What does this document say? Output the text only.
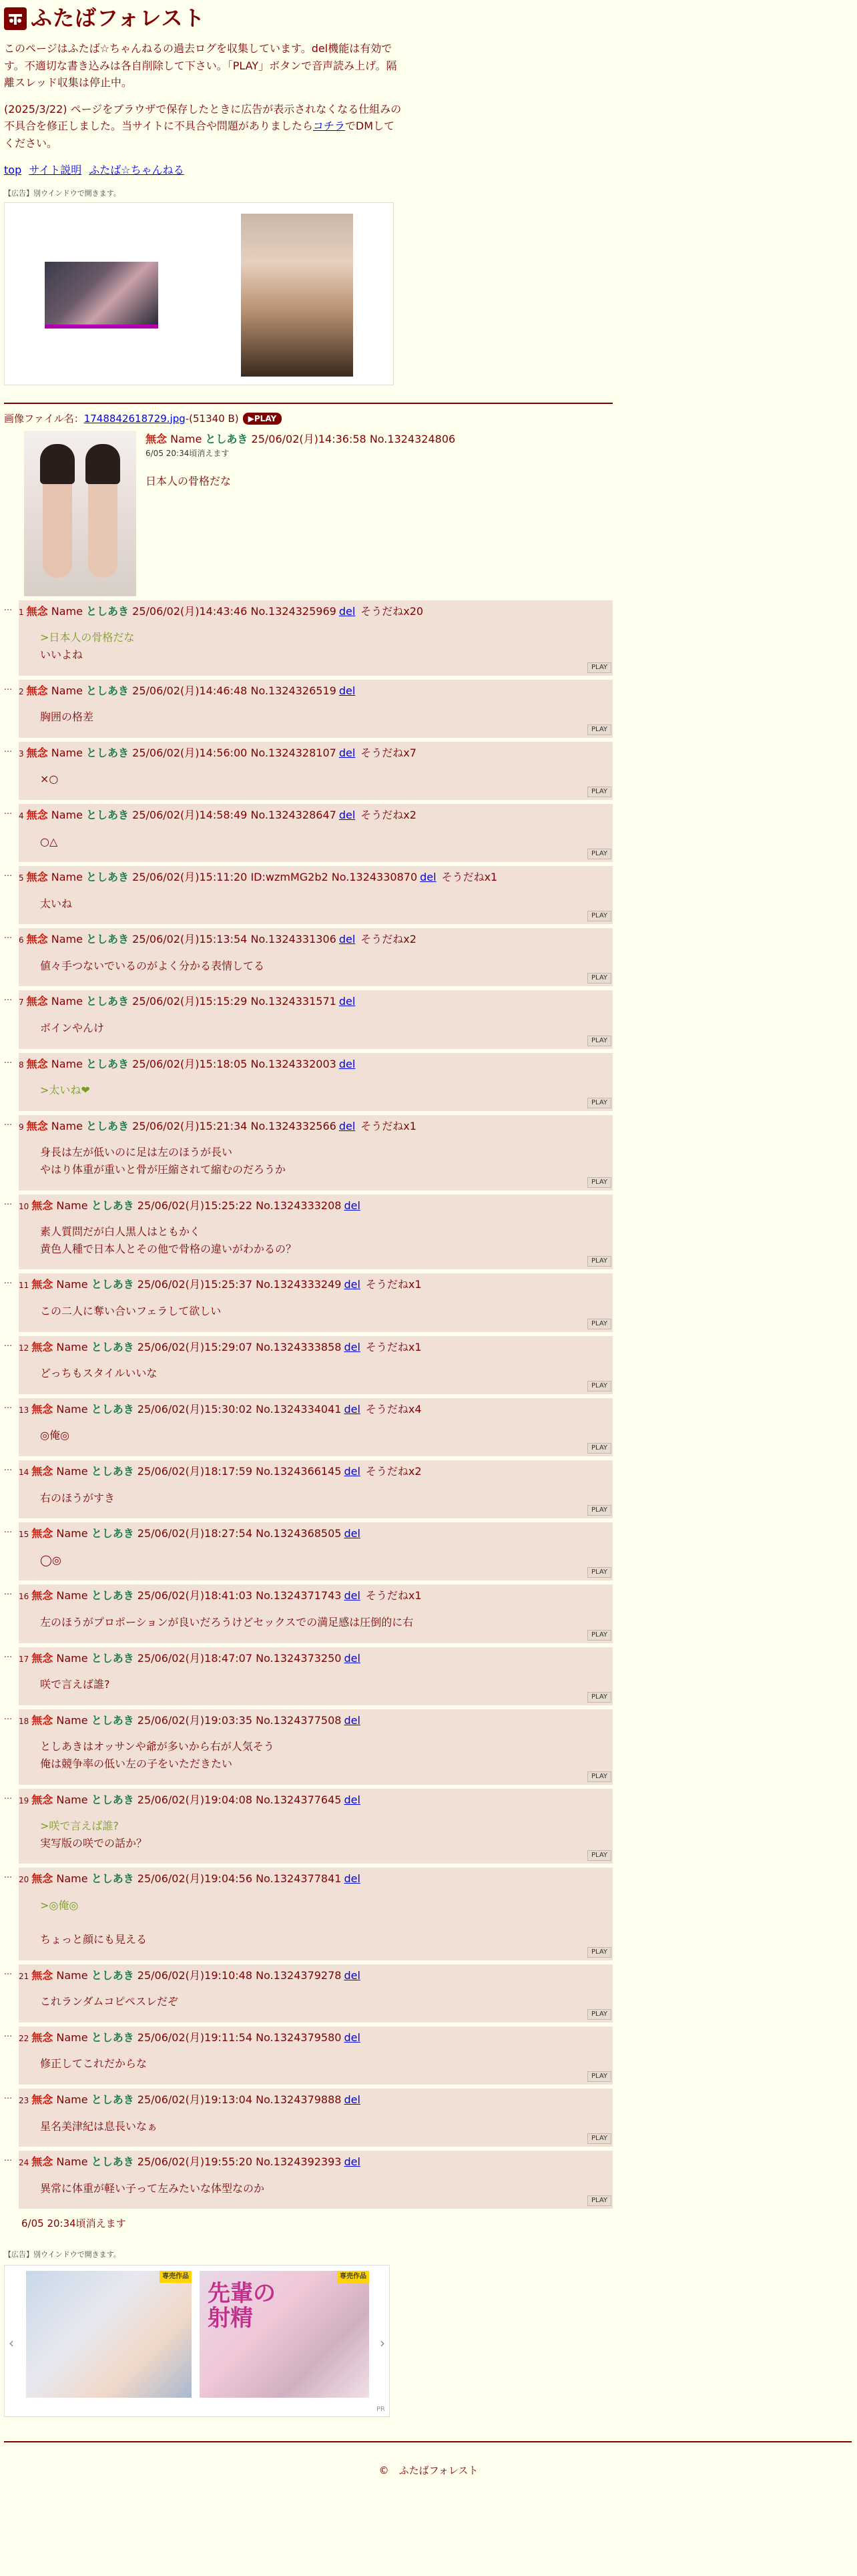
ふたばフォレスト

このページはふたば☆ちゃんねるの過去ログを収集しています。del機能は有効です。不適切な書き込みは各自削除して下さい。「PLAY」ボタンで音声読み上げ。隔離スレッド収集は停止中。

(2025/3/22) ページをブラウザで保存したときに広告が表示されなくなる仕組みの不具合を修正しました。当サイトに不具合や問題がありましたらコチラでDMしてください。

top サイト説明 ふたば☆ちゃんねる
【広告】別ウインドウで開きます。
画像ファイル名： 1748842618729.jpg -(51340 B)	▶PLAY
無念 Name としあき 25/06/02(月)14:36:58 No.1324324806
6/05 20:34頃消えます
日本人の骨格だな
… 1 無念
Name
としあき
25/06/02(月)14:43:46
No.1324325969 del そうだねx20
>日本人の骨格だな
いいよね
PLAY
… 2 無念
Name
としあき
25/06/02(月)14:46:48
No.1324326519 del
胸囲の格差
PLAY
… 3 無念
Name
としあき
25/06/02(月)14:56:00
No.1324328107 del そうだねx7
×○
PLAY
… 4 無念
Name
としあき
25/06/02(月)14:58:49
No.1324328647 del そうだねx2
○△
PLAY
… 5 無念
Name
としあき
25/06/02(月)15:11:20 ID:wzmMG2b2
No.1324330870 del そうだねx1
太いね
PLAY
… 6 無念
Name
としあき
25/06/02(月)15:13:54
No.1324331306 del そうだねx2
値々手つないでいるのがよく分かる表情してる
PLAY
… 7 無念
Name
としあき
25/06/02(月)15:15:29
No.1324331571 del
ボインやんけ
PLAY
… 8 無念
Name
としあき
25/06/02(月)15:18:05
No.1324332003 del
>太いね❤
PLAY
… 9 無念
Name
としあき
25/06/02(月)15:21:34
No.1324332566 del そうだねx1
身長は左が低いのに足は左のほうが長い
やはり体重が重いと骨が圧縮されて縮むのだろうか
PLAY
… 10 無念
Name
としあき
25/06/02(月)15:25:22
No.1324333208 del
素人質問だが白人黒人はともかく
黄色人種で日本人とその他で骨格の違いがわかるの？
PLAY
… 11 無念
Name
としあき
25/06/02(月)15:25:37
No.1324333249 del そうだねx1
この二人に奪い合いフェラして欲しい
PLAY
… 12 無念
Name
としあき
25/06/02(月)15:29:07
No.1324333858 del そうだねx1
どっちもスタイルいいな
PLAY
… 13 無念
Name
としあき
25/06/02(月)15:30:02
No.1324334041 del そうだねx4
◎俺◎
PLAY
… 14 無念
Name
としあき
25/06/02(月)18:17:59
No.1324366145 del そうだねx2
右のほうがすき
PLAY
… 15 無念
Name
としあき
25/06/02(月)18:27:54
No.1324368505 del
◯◎
PLAY
… 16 無念
Name
としあき
25/06/02(月)18:41:03
No.1324371743 del そうだねx1
左のほうがプロポーションが良いだろうけどセックスでの満足感は圧倒的に右
PLAY
… 17 無念
Name
としあき
25/06/02(月)18:47:07
No.1324373250 del
咲で言えば誰?
PLAY
… 18 無念
Name
としあき
25/06/02(月)19:03:35
No.1324377508 del
としあきはオッサンや爺が多いから右が人気そう
俺は競争率の低い左の子をいただきたい
PLAY
… 19 無念
Name
としあき
25/06/02(月)19:04:08
No.1324377645 del
>咲で言えば誰?
実写版の咲での話か？
PLAY
… 20 無念
Name
としあき
25/06/02(月)19:04:56
No.1324377841 del
>◎俺◎
ちょっと顔にも見える
PLAY
… 21 無念
Name
としあき
25/06/02(月)19:10:48
No.1324379278 del
これランダムコピペスレだぞ
PLAY
… 22 無念
Name
としあき
25/06/02(月)19:11:54
No.1324379580 del
修正してこれだからな
PLAY
… 23 無念
Name
としあき
25/06/02(月)19:13:04
No.1324379888 del
星名美津紀は息長いなぁ
PLAY
… 24 無念
Name
としあき
25/06/02(月)19:55:20
No.1324392393 del
異常に体重が軽い子って左みたいな体型なのか
PLAY
6/05 20:34頃消えます
【広告】別ウインドウで開きます。
‹
専売作品	専売作品
先輩の射精
›
PR
©　ふたばフォレスト
